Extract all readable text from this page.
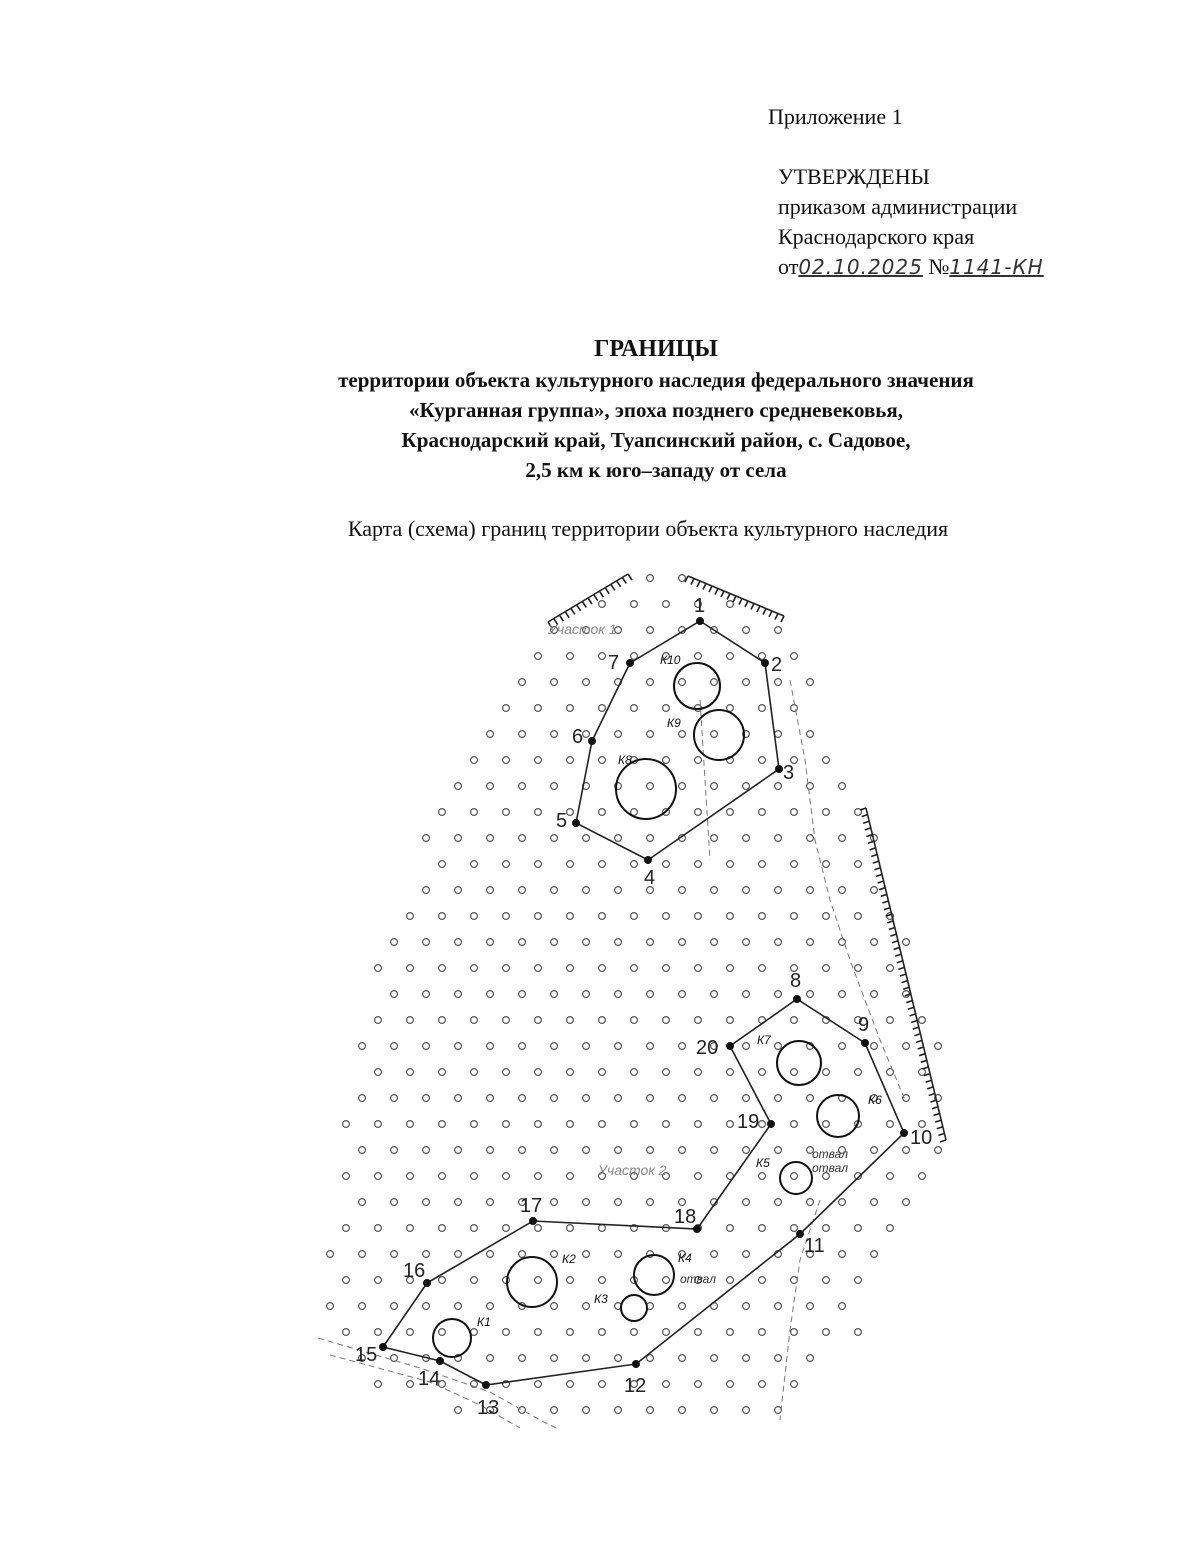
Приложение 1
УТВЕРЖДЕНЫ
приказом администрации
Краснодарского края
от02.10.2025 №1141-КН

ГРАНИЦЫ

территории объекта культурного наследия федерального значения

«Курганная группа», эпоха позднего средневековья,

Краснодарский край, Туапсинский район, с. Садовое,

2,5 км к юго–западу от села

Карта (схема) границ территории объекта культурного наследия
Участок 1
Участок 2
К10
К9
К8
К7
К6
К5
К4
К2
К3
К1
отвал
отвал
отвал
1
2
3
4
5
6
7
8
9
10
11
12
13
14
15
16
17	18
19
20
